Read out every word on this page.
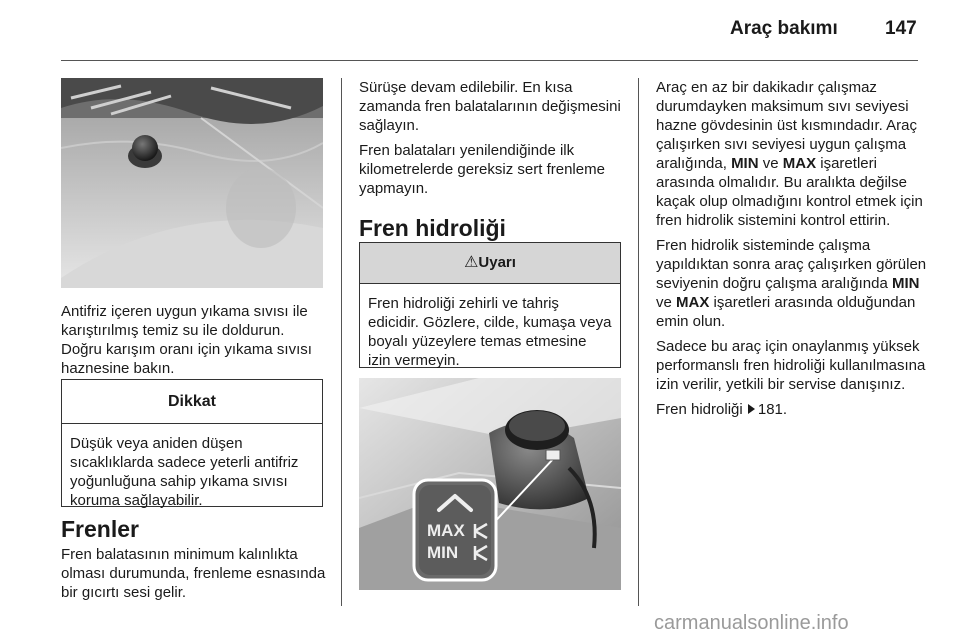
Araç bakımı 147

Antifriz içeren uygun yıkama sıvısı ile karıştırılmış temiz su ile doldurun. Doğru karışım oranı için yıkama sıvısı haznesine bakın.

Dikkat
Düşük veya aniden düşen sıcaklıklarda sadece yeterli antifriz yoğunluğuna sahip yıkama sıvısı koruma sağlayabilir.
Frenler

Fren balatasının minimum kalınlıkta olması durumunda, frenleme esnasında bir gıcırtı sesi gelir.

Sürüşe devam edilebilir. En kısa zamanda fren balatalarının değişmesini sağlayın.

Fren balataları yenilendiğinde ilk kilometrelerde gereksiz sert frenleme yapmayın.

Fren hidroliği
⚠Uyarı
Fren hidroliği zehirli ve tahriş edicidir. Gözlere, cilde, kumaşa veya boyalı yüzeylere temas etmesine izin vermeyin.
MAX
MIN

Araç en az bir dakikadır çalışmaz durumdayken maksimum sıvı seviyesi hazne gövdesinin üst kısmındadır. Araç çalışırken sıvı seviyesi uygun çalışma aralığında, MIN ve MAX işaretleri arasında olmalıdır. Bu aralıkta değilse kaçak olup olmadığını kontrol etmek için fren hidrolik sistemini kontrol ettirin.

Fren hidrolik sisteminde çalışma yapıldıktan sonra araç çalışırken görülen seviyenin doğru çalışma aralığında MIN ve MAX işaretleri arasında olduğundan emin olun.

Sadece bu araç için onaylanmış yüksek performanslı fren hidroliği kullanılmasına izin verilir, yetkili bir servise danışınız.

Fren hidroliği 181.

carmanualsonline.info
